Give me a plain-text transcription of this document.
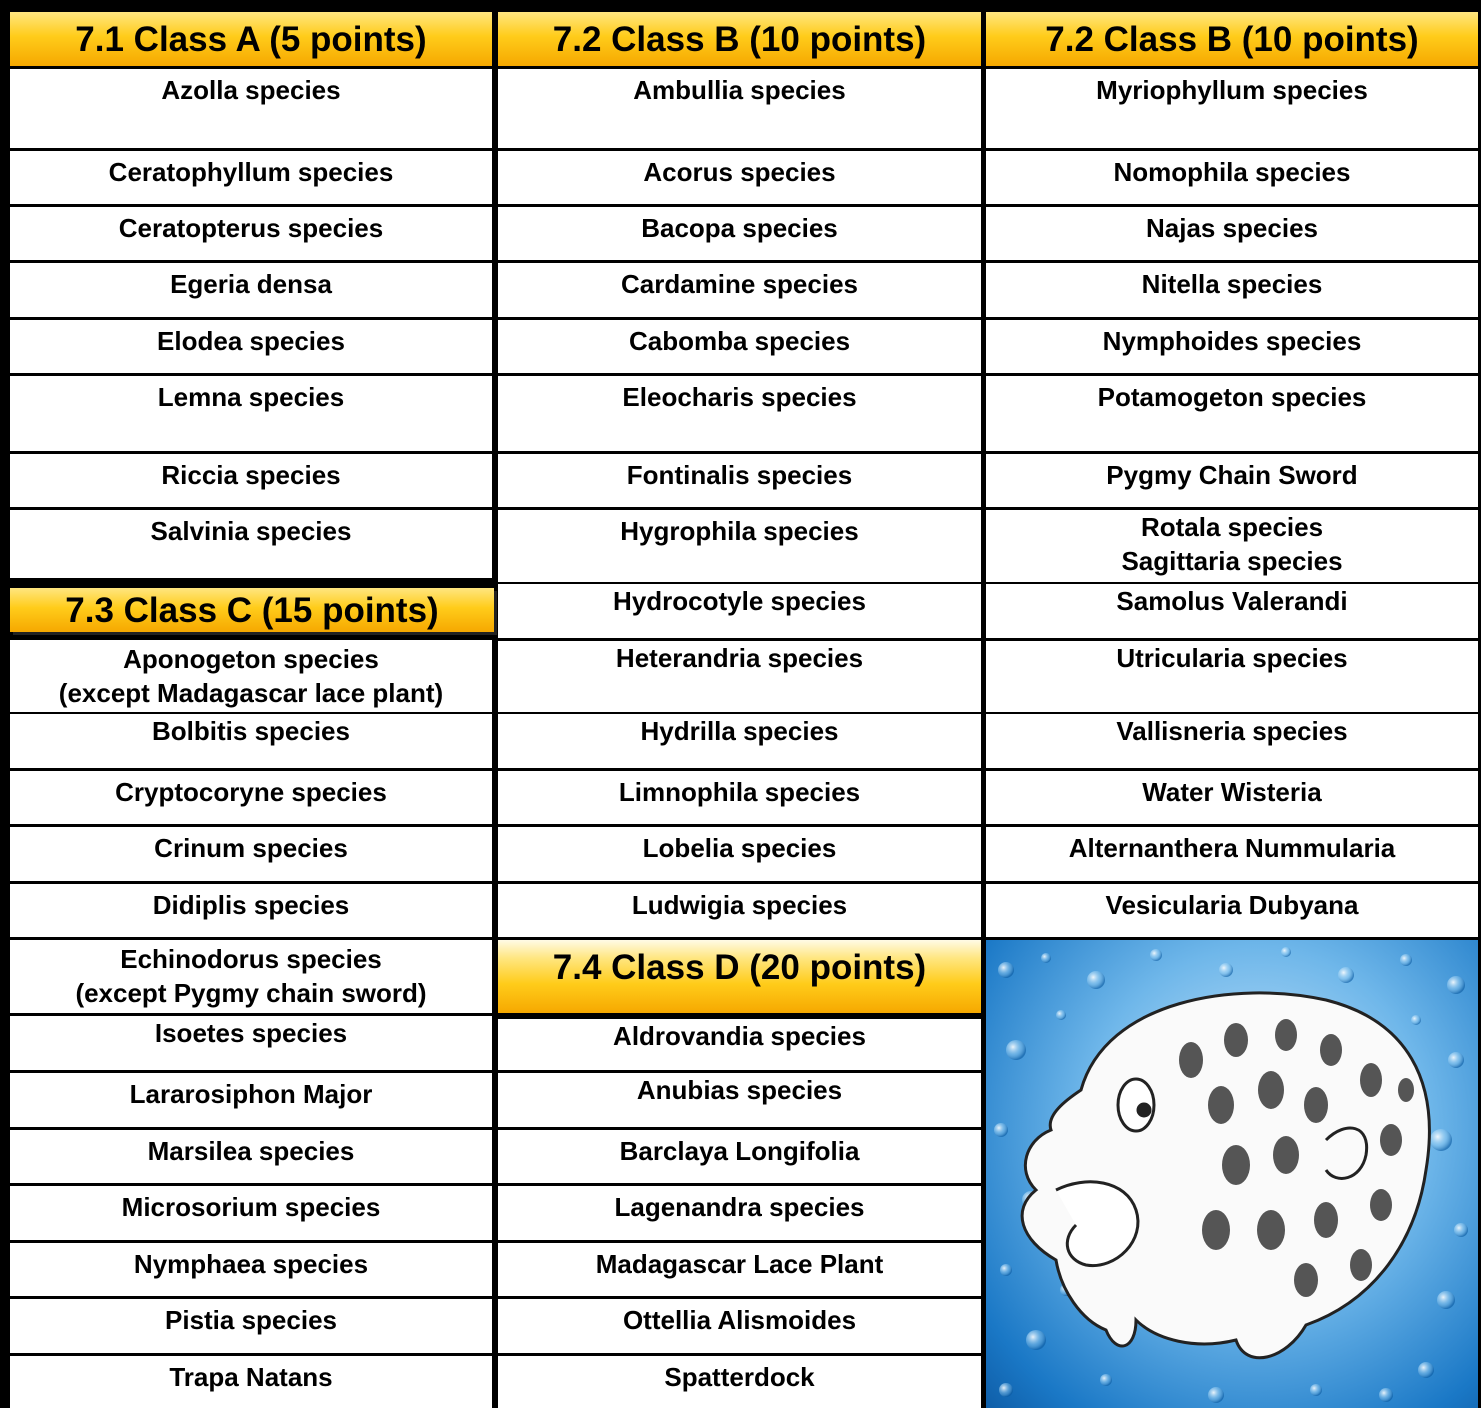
7.1 Class A (5 points)
Azolla species
Ceratophyllum species
Ceratopterus species
Egeria densa
Elodea species
Lemna species
Riccia species
Salvinia species
7.3 Class C (15 points)
Aponogeton species
(except Madagascar lace plant)
Bolbitis species
Cryptocoryne species
Crinum species
Didiplis species
Echinodorus species
(except Pygmy chain sword)
Isoetes species
Lararosiphon Major
Marsilea species
Microsorium species
Nymphaea species
Pistia species
Trapa Natans
7.2 Class B (10 points)
Ambullia species
Acorus species
Bacopa species
Cardamine species
Cabomba species
Eleocharis species
Fontinalis species
Hygrophila species
Hydrocotyle species
Heterandria species
Hydrilla species
Limnophila species
Lobelia species
Ludwigia species
7.4 Class D (20 points)
Aldrovandia species
Anubias species
Barclaya Longifolia
Lagenandra species
Madagascar Lace Plant
Ottellia Alismoides
Spatterdock
7.2 Class B (10 points)
Myriophyllum species
Nomophila species
Najas species
Nitella species
Nymphoides species
Potamogeton species
Pygmy Chain Sword
Rotala species
Sagittaria species
Samolus Valerandi
Utricularia species
Vallisneria species
Water Wisteria
Alternanthera Nummularia
Vesicularia Dubyana
